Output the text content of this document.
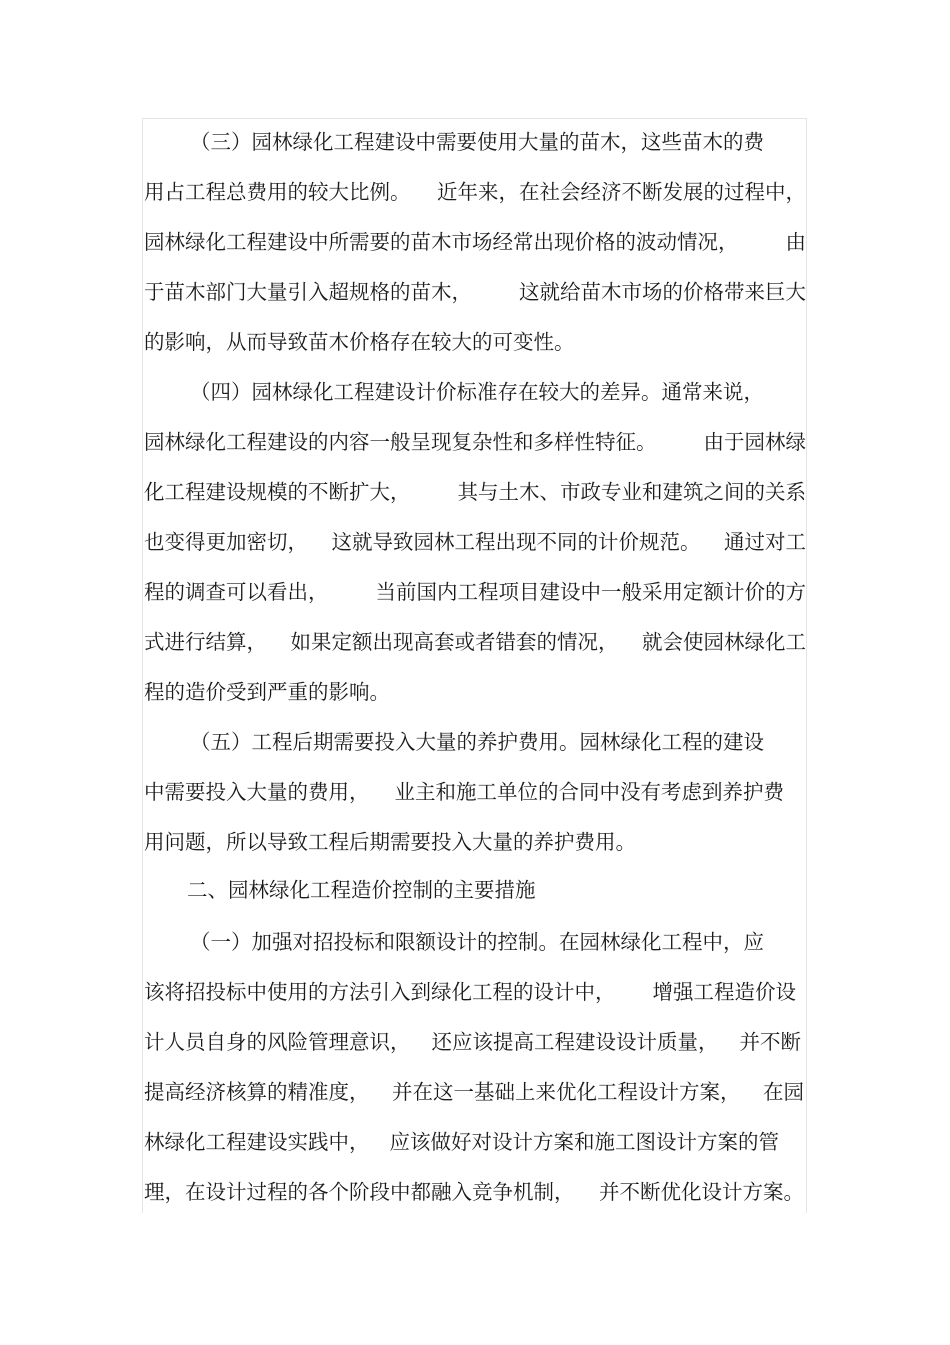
（三）园林绿化工程建设中需要使用大量的苗木，这些苗木的费
用占工程总费用的较大比例。 近年来，在社会经济不断发展的过程中，
园林绿化工程建设中所需要的苗木市场经常出现价格的波动情况， 由
于苗木部门大量引入超规格的苗木， 这就给苗木市场的价格带来巨大
的影响，从而导致苗木价格存在较大的可变性。
（四）园林绿化工程建设计价标准存在较大的差异。通常来说，
园林绿化工程建设的内容一般呈现复杂性和多样性特征。 由于园林绿
化工程建设规模的不断扩大， 其与土木、市政专业和建筑之间的关系
也变得更加密切， 这就导致园林工程出现不同的计价规范。 通过对工
程的调查可以看出， 当前国内工程项目建设中一般采用定额计价的方
式进行结算， 如果定额出现高套或者错套的情况， 就会使园林绿化工
程的造价受到严重的影响。
（五）工程后期需要投入大量的养护费用。园林绿化工程的建设
中需要投入大量的费用， 业主和施工单位的合同中没有考虑到养护费
用问题，所以导致工程后期需要投入大量的养护费用。
二、园林绿化工程造价控制的主要措施
（一）加强对招投标和限额设计的控制。在园林绿化工程中，应
该将招投标中使用的方法引入到绿化工程的设计中， 增强工程造价设
计人员自身的风险管理意识， 还应该提高工程建设设计质量， 并不断
提高经济核算的精准度， 并在这一基础上来优化工程设计方案， 在园
林绿化工程建设实践中， 应该做好对设计方案和施工图设计方案的管
理，在设计过程的各个阶段中都融入竞争机制， 并不断优化设计方案。
